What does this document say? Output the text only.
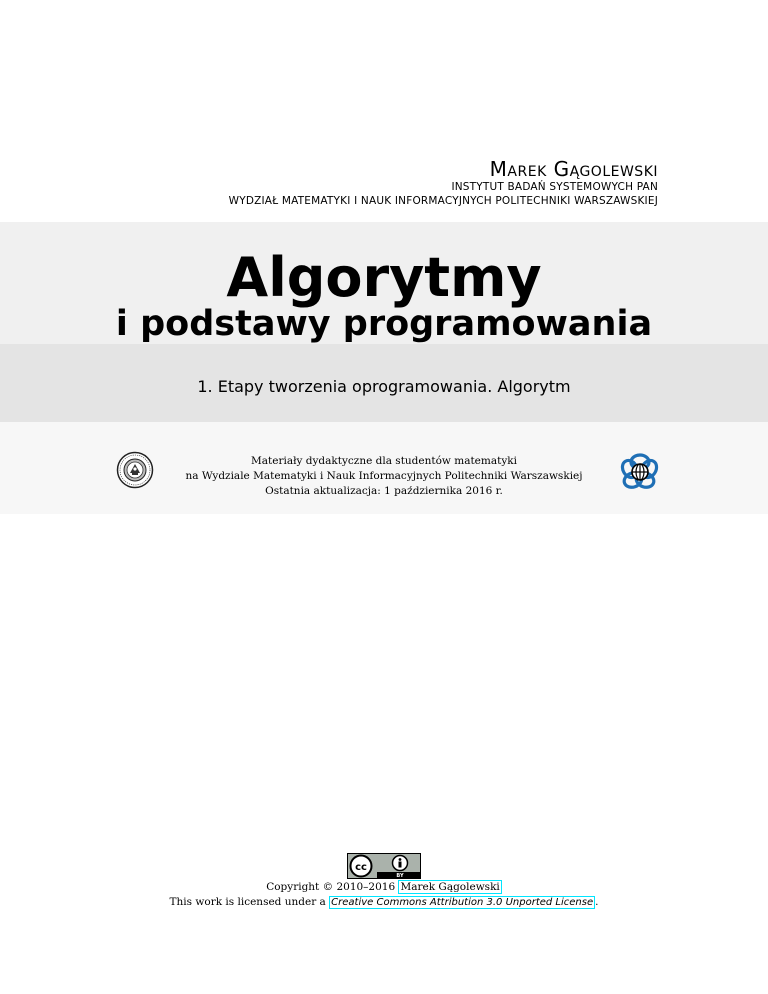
Marek Gągolewski
INSTYTUT BADAŃ SYSTEMOWYCH PAN
WYDZIAŁ MATEMATYKI I NAUK INFORMACYJNYCH POLITECHNIKI WARSZAWSKIEJ
Algorytmy
i podstawy programowania
1. Etapy tworzenia oprogramowania. Algorytm
Materiały dydaktyczne dla studentów matematyki
na Wydziale Matematyki i Nauk Informacyjnych Politechniki Warszawskiej
Ostatnia aktualizacja: 1 października 2016 r.
cc
BY
Copyright © 2010–2016 Marek Gągolewski
This work is licensed under a Creative Commons Attribution 3.0 Unported License .
